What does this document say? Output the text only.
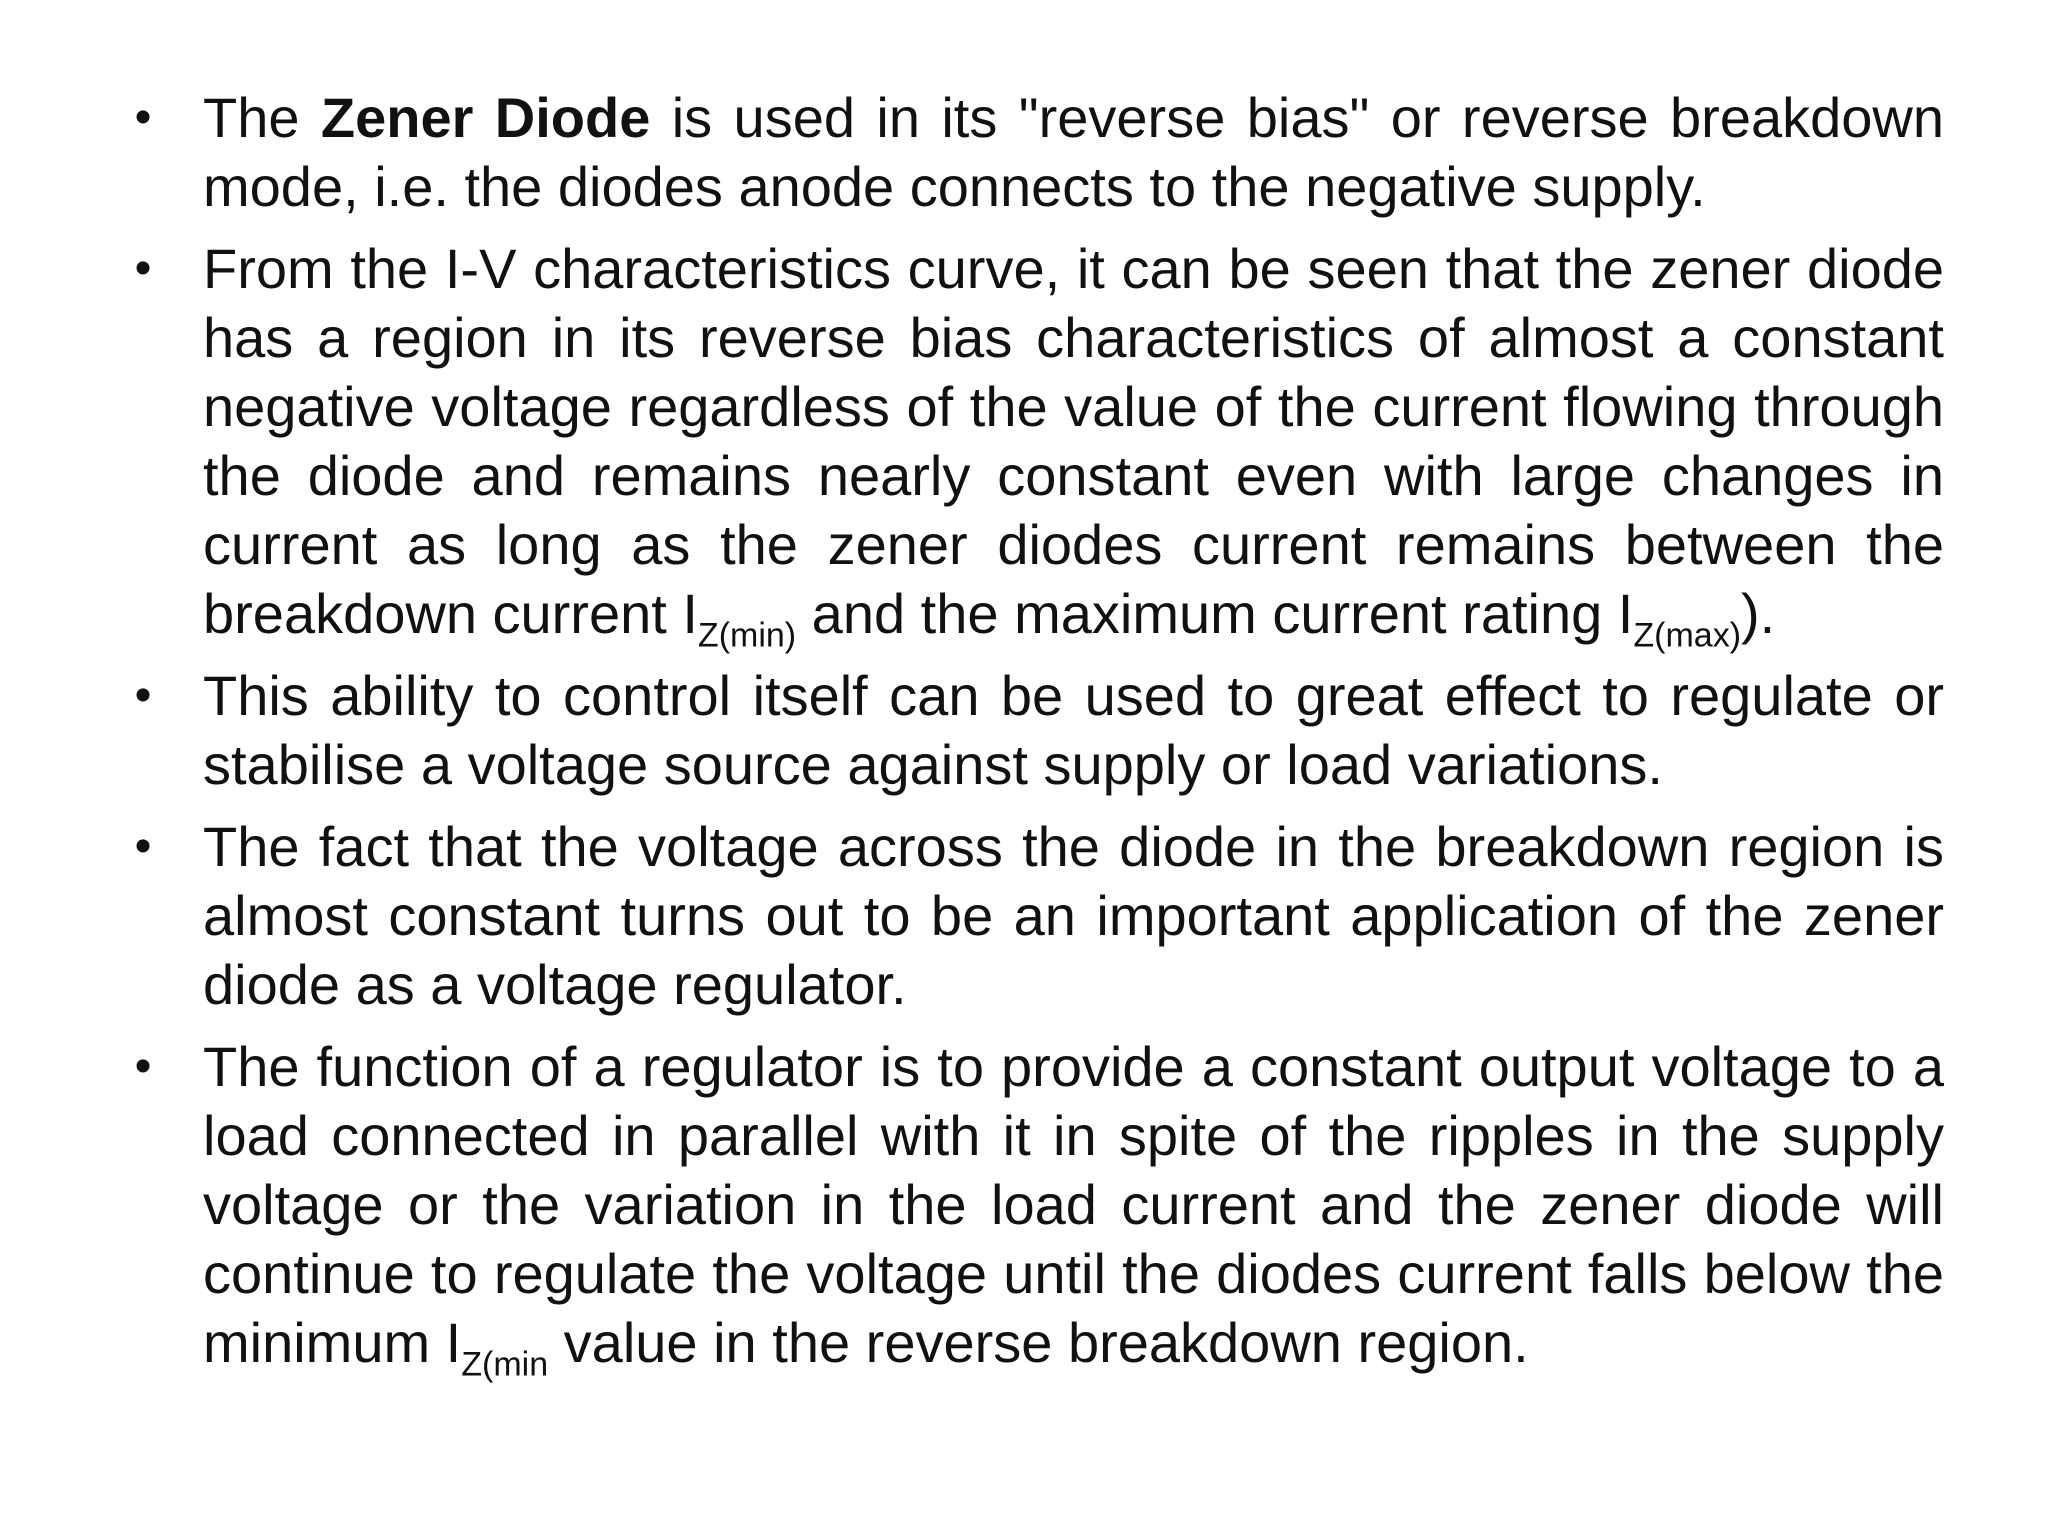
• The Zener Diode is used in its "reverse bias" or reverse breakdown mode, i.e. the diodes anode connects to the negative supply.
• From the I-V characteristics curve, it can be seen that the zener diode has a region in its reverse bias characteristics of almost a constant negative voltage regardless of the value of the current flowing through the diode and remains nearly constant even with large changes in current as long as the zener diodes current remains between the breakdown current $I_{Z(min)}$ and the maximum current rating $I_{Z(max)}$).
• This ability to control itself can be used to great effect to regulate or stabilise a voltage source against supply or load variations.
• The fact that the voltage across the diode in the breakdown region is almost constant turns out to be an important application of the zener diode as a voltage regulator.
• The function of a regulator is to provide a constant output voltage to a load connected in parallel with it in spite of the ripples in the supply voltage or the variation in the load current and the zener diode will continue to regulate the voltage until the diodes current falls below the minimum $I_{Z(min}$ value in the reverse breakdown region.
